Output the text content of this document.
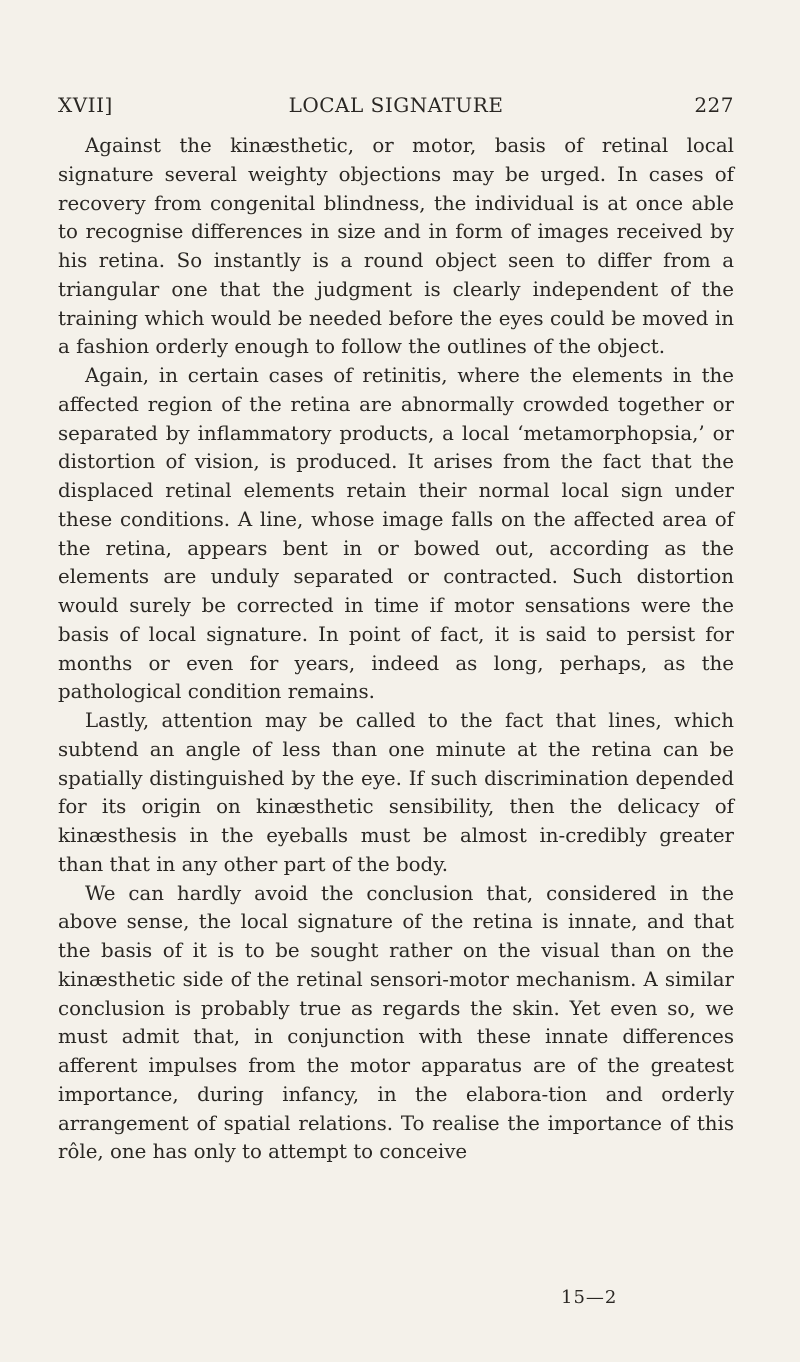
XVII]	LOCAL SIGNATURE	227

Against the kinæsthetic, or motor, basis of retinal local signature several weighty objections may be urged. In cases of recovery from congenital blindness, the individual is at once able to recognise differences in size and in form of images received by his retina. So instantly is a round object seen to differ from a triangular one that the judgment is clearly independent of the training which would be needed before the eyes could be moved in a fashion orderly enough to follow the outlines of the object.

Again, in certain cases of retinitis, where the elements in the affected region of the retina are abnormally crowded together or separated by inflammatory products, a local ‘metamorphopsia,’ or distortion of vision, is produced. It arises from the fact that the displaced retinal elements retain their normal local sign under these conditions. A line, whose image falls on the affected area of the retina, appears bent in or bowed out, according as the elements are unduly separated or contracted. Such distortion would surely be corrected in time if motor sensations were the basis of local signature. In point of fact, it is said to persist for months or even for years, indeed as long, perhaps, as the pathological condition remains.

Lastly, attention may be called to the fact that lines, which subtend an angle of less than one minute at the retina can be spatially distinguished by the eye. If such discrimination depended for its origin on kinæsthetic sensibility, then the delicacy of kinæsthesis in the eyeballs must be almost in-credibly greater than that in any other part of the body.

We can hardly avoid the conclusion that, considered in the above sense, the local signature of the retina is innate, and that the basis of it is to be sought rather on the visual than on the kinæsthetic side of the retinal sensori-motor mechanism. A similar conclusion is probably true as regards the skin. Yet even so, we must admit that, in conjunction with these innate differences afferent impulses from the motor apparatus are of the greatest importance, during infancy, in the elabora-tion and orderly arrangement of spatial relations. To realise the importance of this rôle, one has only to attempt to conceive

15—2
